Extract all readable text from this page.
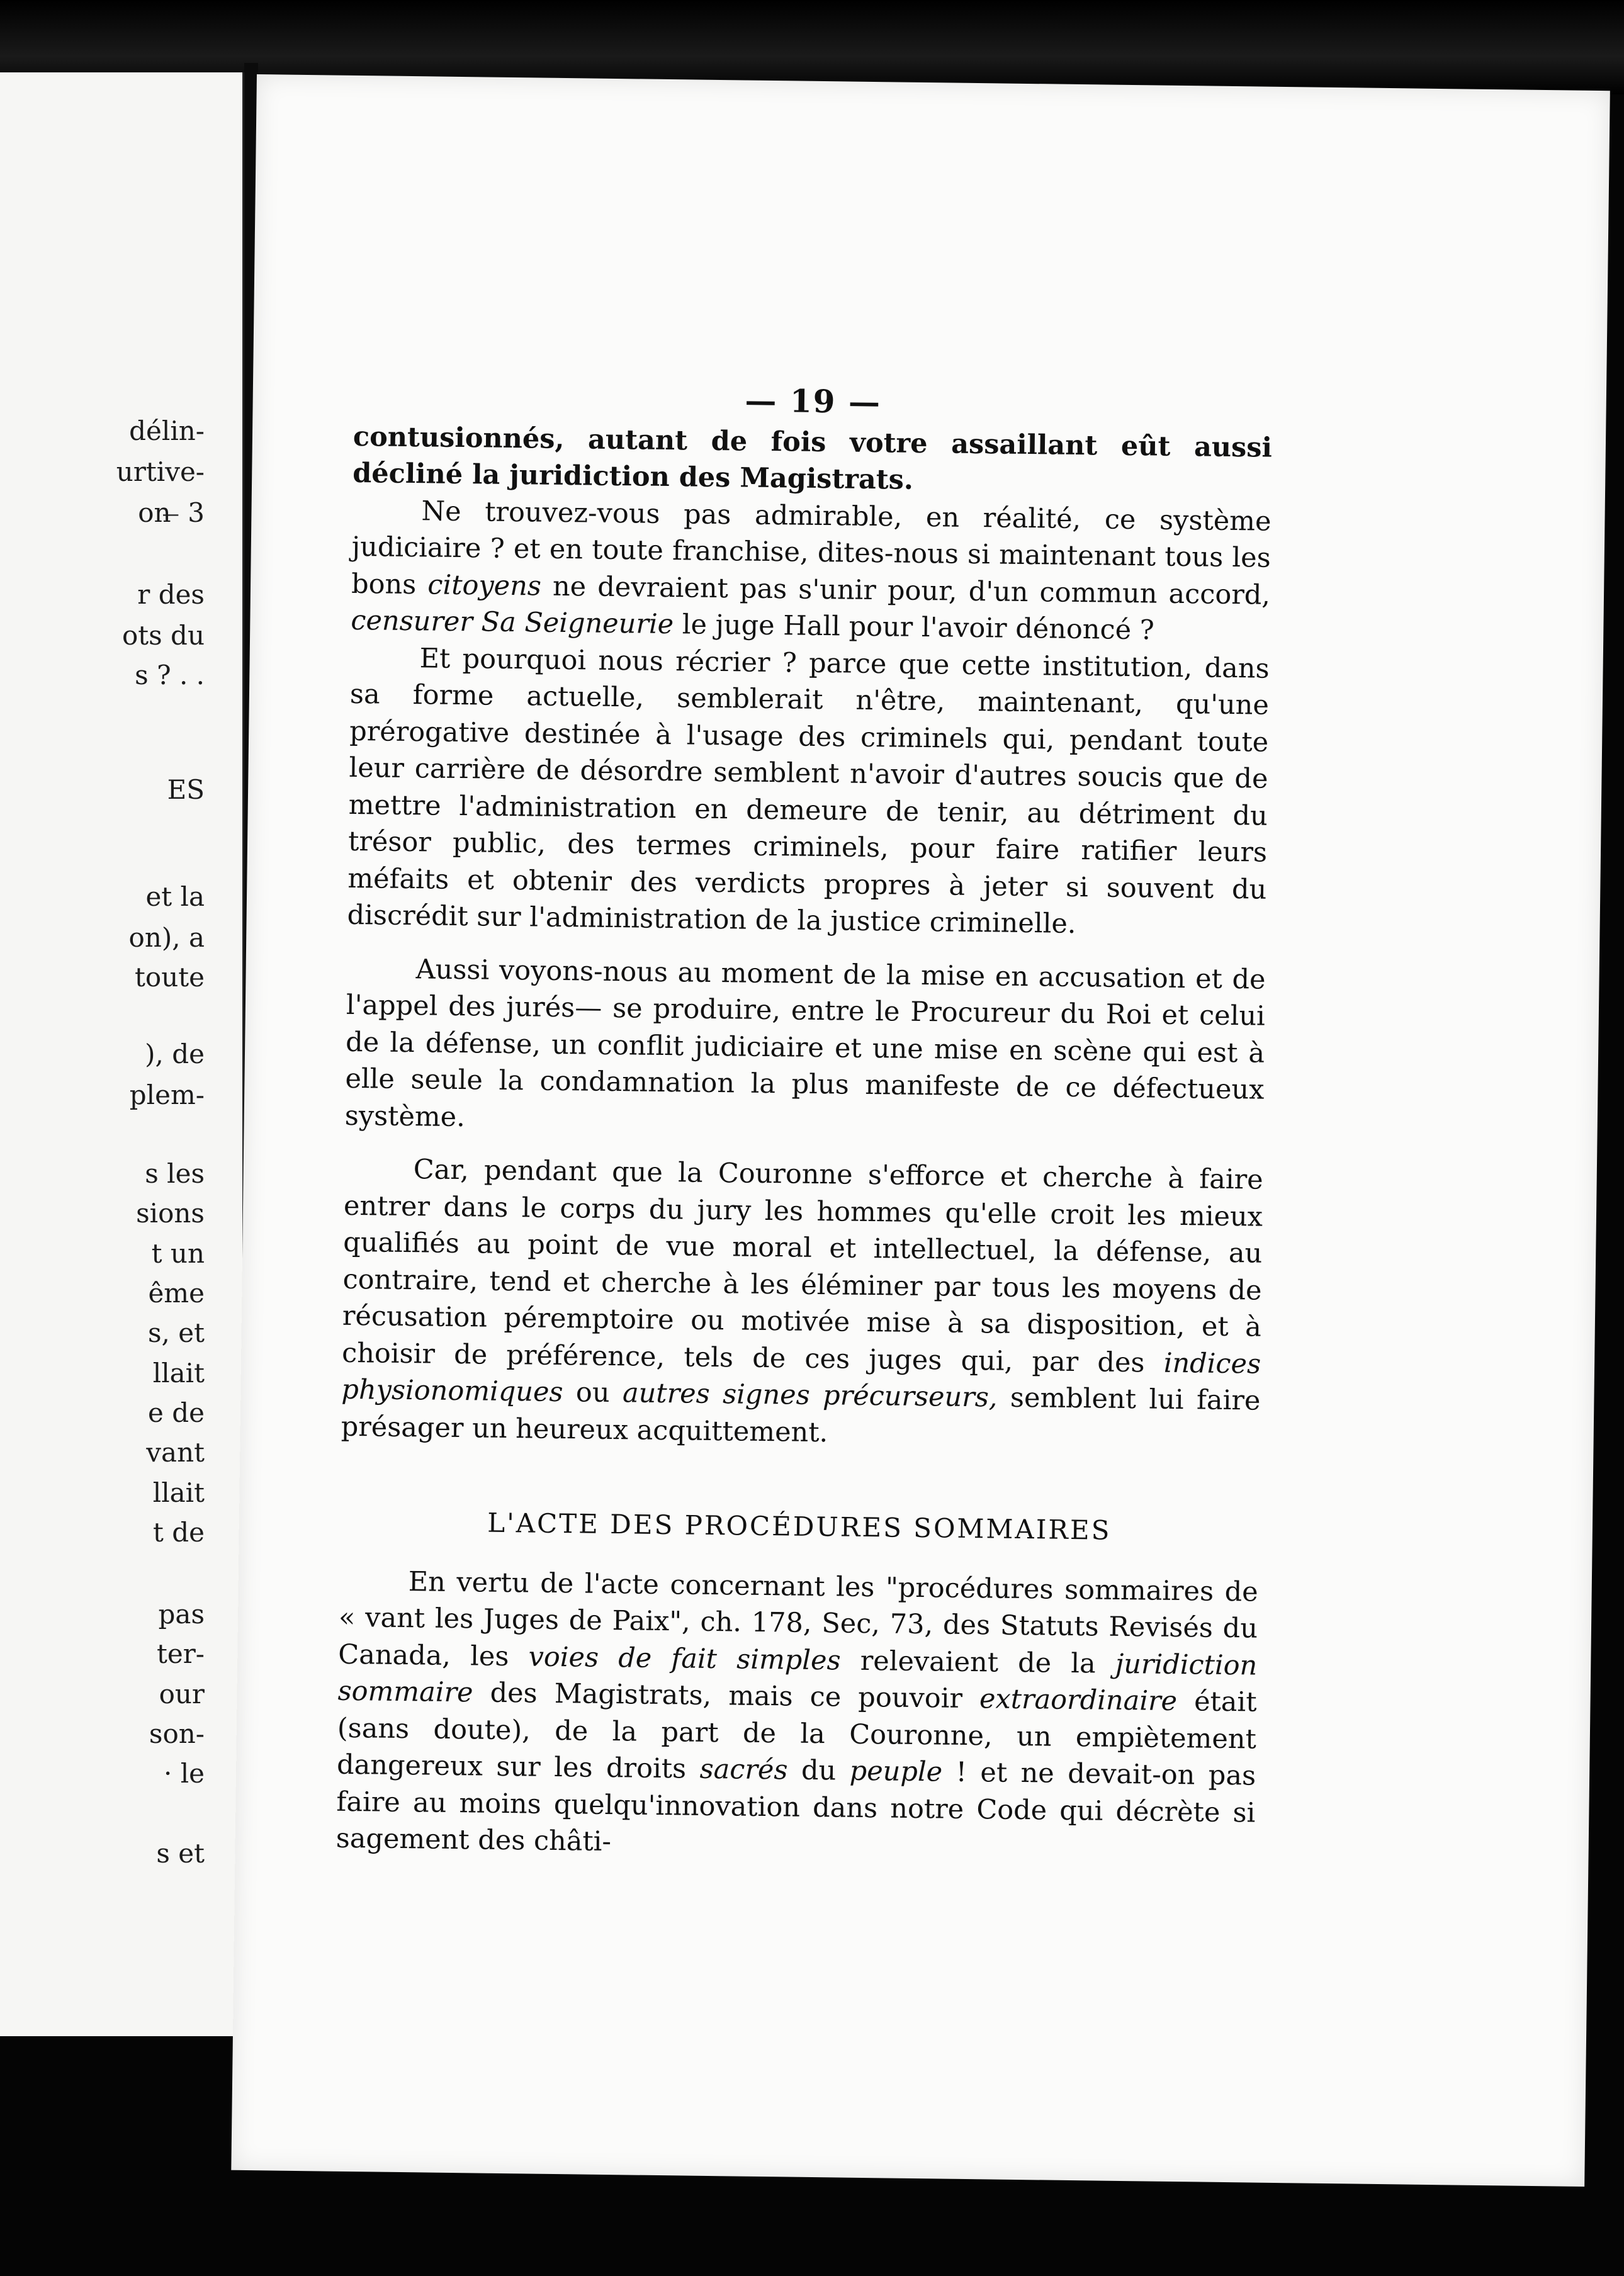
délin-
urtive-
on ̶ 3
r des
ots du
s ? . .
ES
et la
on), a
toute
), de
plem-
s les
sions
t un
ême
s, et
llait
e de
vant
llait
t de
pas
ter-
our
son-
· le
s et
— 19 —

contusionnés, autant de fois votre assaillant eût aussi décliné la juridiction des Magistrats.

Ne trouvez-vous pas admirable, en réalité, ce système judiciaire ? et en toute franchise, dites-nous si maintenant tous les bons citoyens ne devraient pas s'unir pour, d'un commun accord, censurer Sa Seigneurie le juge Hall pour l'avoir dénoncé ?

Et pourquoi nous récrier ? parce que cette institution, dans sa forme actuelle, semblerait n'être, maintenant, qu'une prérogative destinée à l'usage des criminels qui, pendant toute leur carrière de désordre semblent n'avoir d'autres soucis que de mettre l'administration en demeure de tenir, au détriment du trésor public, des termes criminels, pour faire ratifier leurs méfaits et obtenir des verdicts propres à jeter si souvent du discrédit sur l'administration de la justice criminelle.

Aussi voyons-nous au moment de la mise en accusation et de l'appel des jurés— se produire, entre le Procureur du Roi et celui de la défense, un conflit judiciaire et une mise en scène qui est à elle seule la condamnation la plus manifeste de ce défectueux système.

Car, pendant que la Couronne s'efforce et cherche à faire entrer dans le corps du jury les hommes qu'elle croit les mieux qualifiés au point de vue moral et intellectuel, la défense, au contraire, tend et cherche à les éléminer par tous les moyens de récusation péremptoire ou motivée mise à sa disposition, et à choisir de préférence, tels de ces juges qui, par des indices physionomiques ou autres signes précurseurs, semblent lui faire présager un heureux acquittement.

L'ACTE DES PROCÉDURES SOMMAIRES

En vertu de l'acte concernant les "procédures sommaires de « vant les Juges de Paix", ch. 178, Sec, 73, des Statuts Revisés du Canada, les voies de fait simples relevaient de la juridiction sommaire des Magistrats, mais ce pouvoir extraordinaire était (sans doute), de la part de la Couronne, un empiètement dangereux sur les droits sacrés du peuple ! et ne devait-on pas faire au moins quelqu'innovation dans notre Code qui décrète si sagement des châti-
